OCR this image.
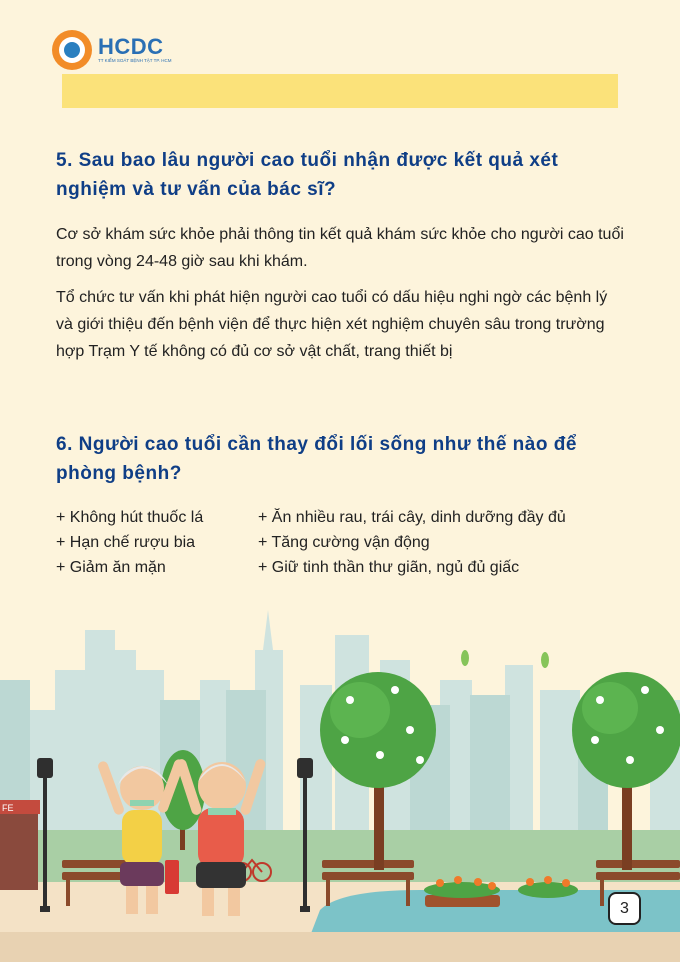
HCDC
TT KIỂM SOÁT BỆNH TẬT TP. HCM
5. Sau bao lâu người cao tuổi nhận được kết quả xét nghiệm và tư vấn của bác sĩ?

Cơ sở khám sức khỏe phải thông tin kết quả khám sức khỏe cho người cao tuổi trong vòng 24-48 giờ sau khi khám.

Tổ chức tư vấn khi phát hiện người cao tuổi có dấu hiệu nghi ngờ các bệnh lý và giới thiệu đến bệnh viện để thực hiện xét nghiệm chuyên sâu trong trường hợp Trạm Y tế không có đủ cơ sở vật chất, trang thiết bị

6. Người cao tuổi cần thay đổi lối sống như thế nào để phòng bệnh?
+ Không hút thuốc lá
+ Hạn chế rượu bia
+ Giảm ăn mặn
+ Ăn nhiều rau, trái cây, dinh dưỡng đầy đủ
+ Tăng cường vận động
+ Giữ tinh thần thư giãn, ngủ đủ giấc
FE
3
